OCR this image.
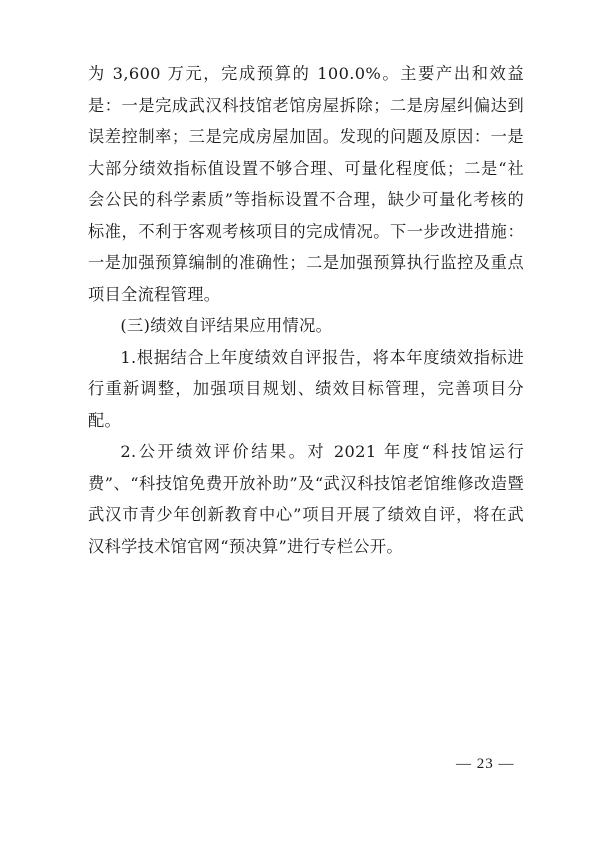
为 3,600 万元，完成预算的 100.0%。主要产出和效益是：一是完成武汉科技馆老馆房屋拆除；二是房屋纠偏达到误差控制率；三是完成房屋加固。发现的问题及原因：一是大部分绩效指标值设置不够合理、可量化程度低；二是“社会公民的科学素质”等指标设置不合理，缺少可量化考核的标准，不利于客观考核项目的完成情况。下一步改进措施：一是加强预算编制的准确性；二是加强预算执行监控及重点项目全流程管理。

(三)绩效自评结果应用情况。

1.根据结合上年度绩效自评报告，将本年度绩效指标进行重新调整，加强项目规划、绩效目标管理，完善项目分配。

2.公开绩效评价结果。对 2021 年度“科技馆运行费”、“科技馆免费开放补助”及“武汉科技馆老馆维修改造暨武汉市青少年创新教育中心”项目开展了绩效自评，将在武汉科学技术馆官网“预决算”进行专栏公开。

— 23 —
